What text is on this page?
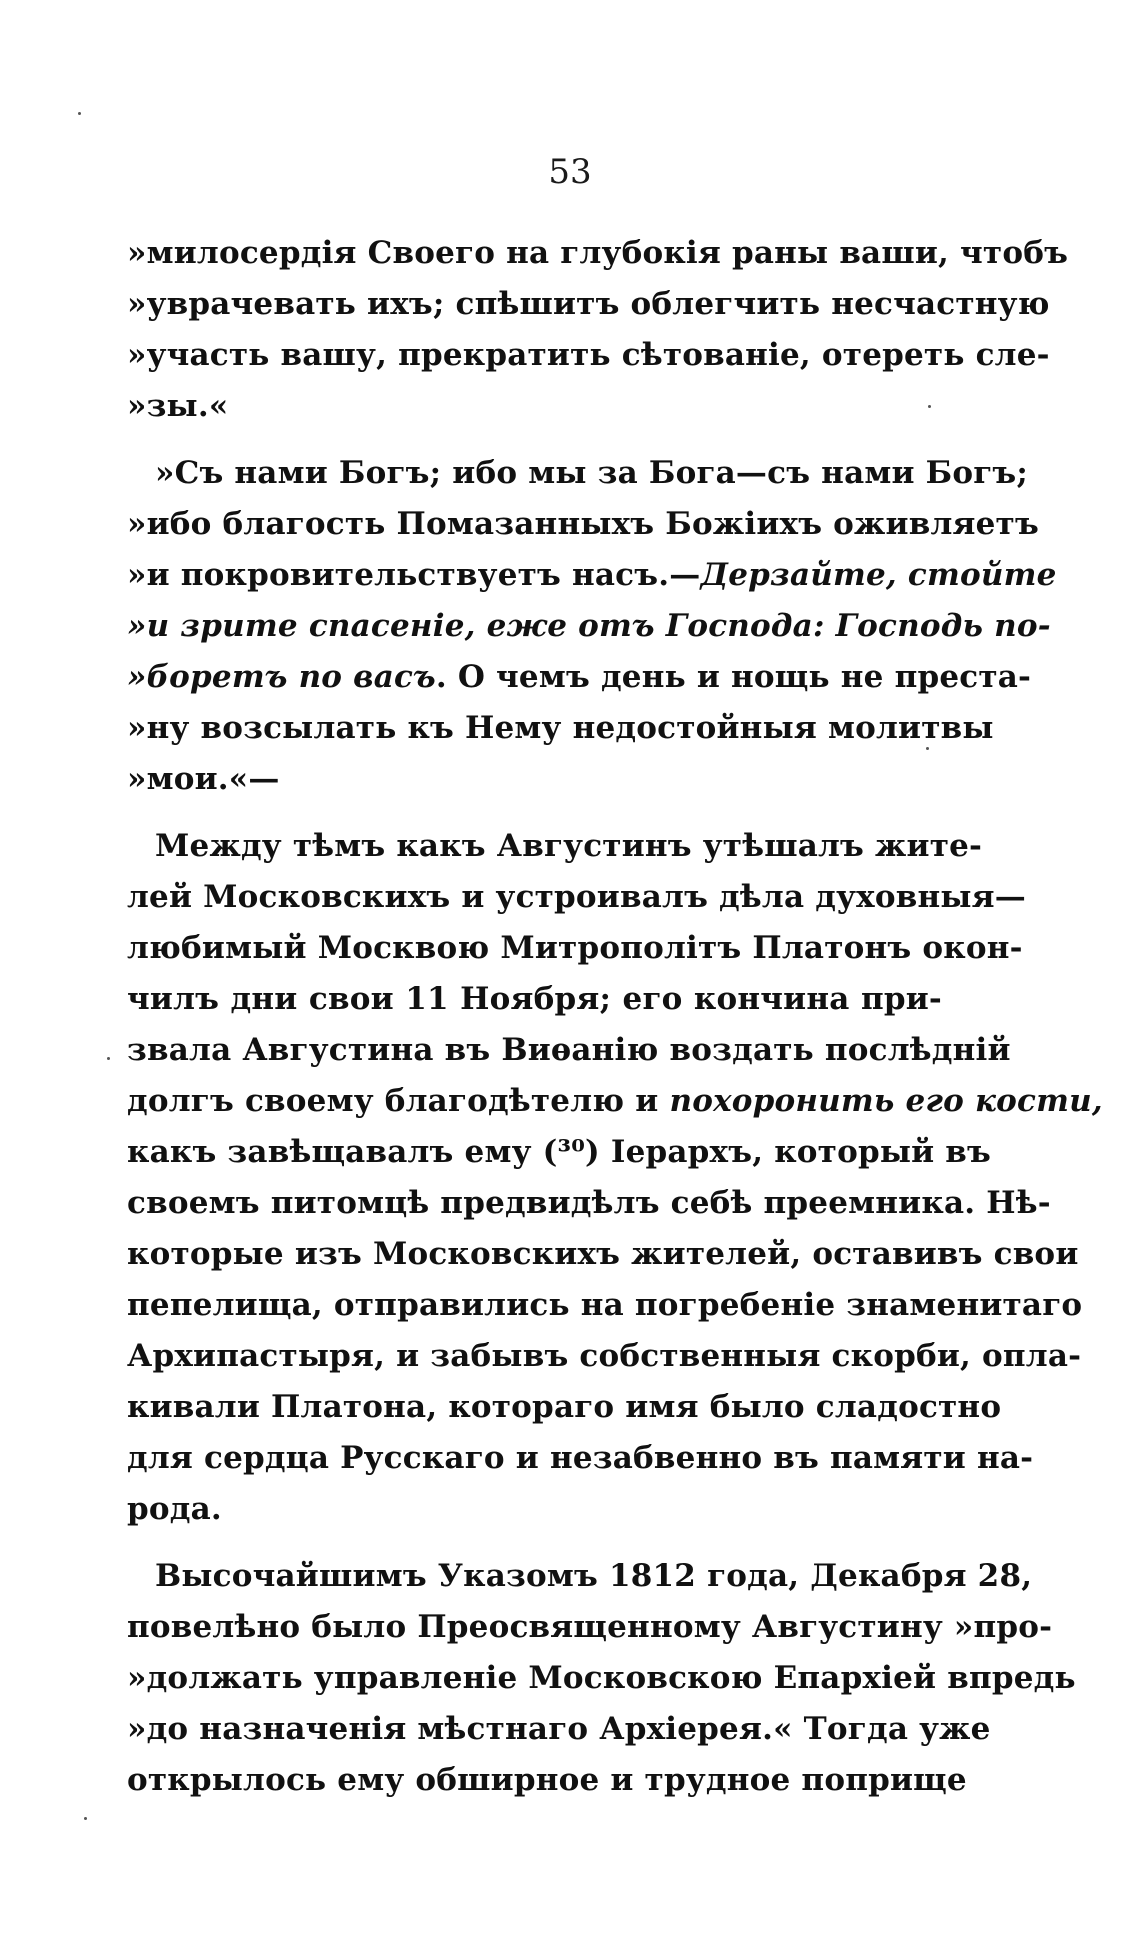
53
»милосердія Своего на глубокія раны ваши, чтобъ
»уврачевать ихъ; спѣшитъ облегчить несчастную
»участь вашу, прекратить сѣтованіе, отереть сле-
»зы.«
»Съ нами Богъ; ибо мы за Бога—съ нами Богъ;
»ибо благость Помазанныхъ Божіихъ оживляетъ
»и покровительствуетъ насъ.—Дерзайте, стойте
»и зрите спасеніе, еже отъ Господа: Господь по-
»боретъ по васъ. О чемъ день и нощь не преста-
»ну возсылать къ Нему недостойныя молитвы
»мои.«—
Между тѣмъ какъ Августинъ утѣшалъ жите-
лей Московскихъ и устроивалъ дѣла духовныя—
любимый Москвою Митрополітъ Платонъ окон-
чилъ дни свои 11 Ноября; его кончина при-
звала Августина въ Виѳанію воздать послѣдній
долгъ своему благодѣтелю и похоронить его кости,
какъ завѣщавалъ ему (³⁰) Іерархъ, который въ
своемъ питомцѣ предвидѣлъ себѣ преемника. Нѣ-
которые изъ Московскихъ жителей, оставивъ свои
пепелища, отправились на погребеніе знаменитаго
Архипастыря, и забывъ собственныя скорби, опла-
кивали Платона, котораго имя было сладостно
для сердца Русскаго и незабвенно въ памяти на-
рода.
Высочайшимъ Указомъ 1812 года, Декабря 28,
повелѣно было Преосвященному Августину »про-
»должать управленіе Московскою Епархіей впредь
»до назначенія мѣстнаго Архіерея.« Тогда уже
открылось ему обширное и трудное поприще
